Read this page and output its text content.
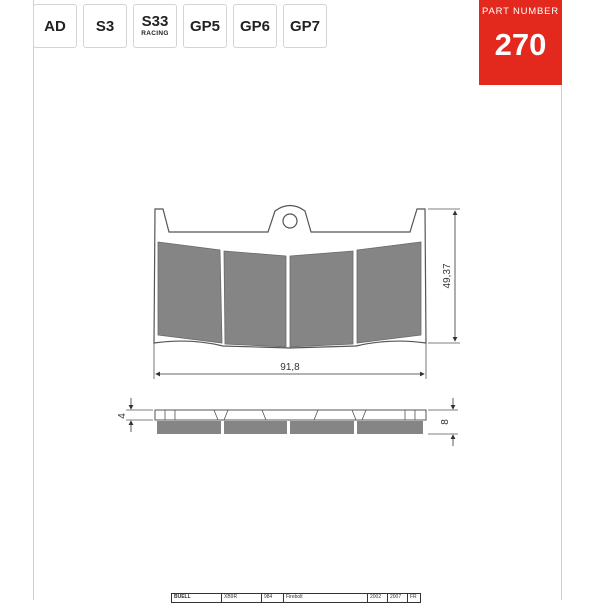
AD S3 S33
RACING GP5 GP6 GP7
PART NUMBER
270
91,8
49,37
4
8
BUELL	XB9R	984	Firebolt	2002	2007	FR
